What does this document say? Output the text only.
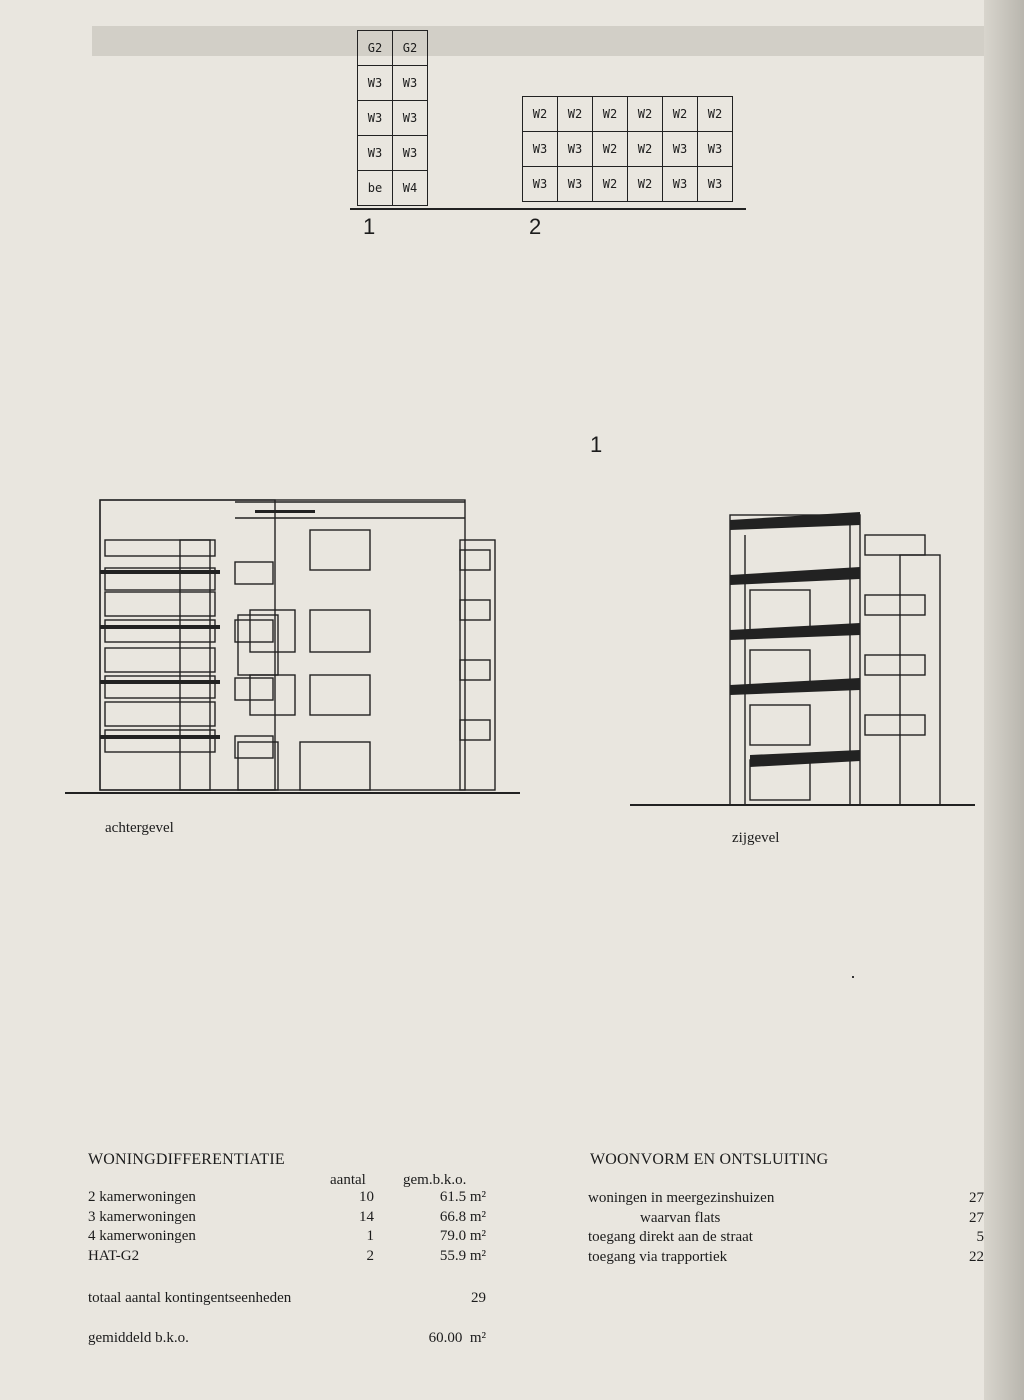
G2	G2
W3	W3
W3	W3
W3	W3
be	W4
1
W2	W2	W2	W2	W2	W2
W3	W3	W2	W2	W3	W3
W3	W3	W2	W2	W3	W3
2
achtergevel
1
zijgevel
WONINGDIFFERENTIATIE
aantal gem.b.k.o.
2 kamerwoningen	10	61.5 m²
3 kamerwoningen	14	66.8 m²
4 kamerwoningen	1	79.0 m²
HAT-G2	2	55.9 m²
totaal aantal kontingentseenheden	29
gemiddeld b.k.o.	60.00  m²
WOONVORM EN ONTSLUITING
woningen in meergezinshuizen	27
waarvan flats	27
toegang direkt aan de straat	5
toegang via trapportiek	22
